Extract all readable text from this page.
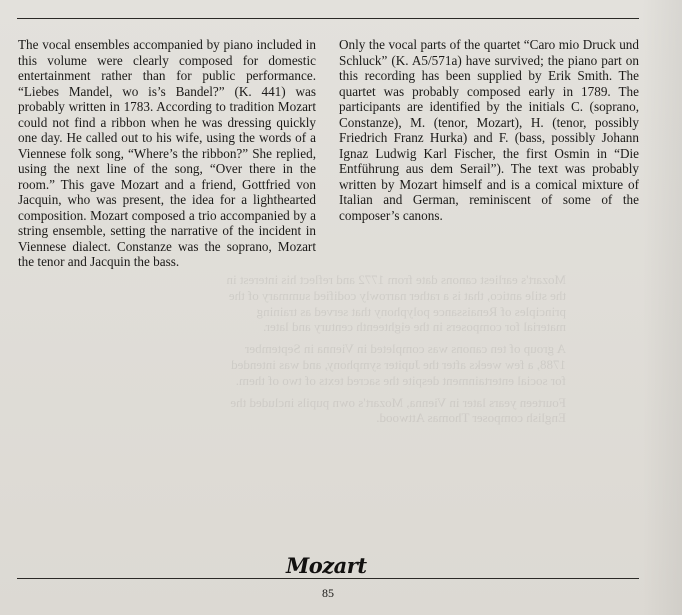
Mozart's earliest canons date from 1772 and reflect his interest in the stile antico, that is a rather narrowly codified summary of the principles of Renaissance polyphony that served as training material for composers in the eighteenth century and later.

A group of ten canons was completed in Vienna in September 1788, a few weeks after the Jupiter symphony, and was intended for social entertainment despite the sacred texts of two of them.

Fourteen years later in Vienna, Mozart's own pupils included the English composer Thomas Attwood.

The vocal ensembles accompanied by piano included in this volume were clearly composed for domestic entertainment rather than for public performance. “Liebes Mandel, wo is’s Bandel?” (K. 441) was probably written in 1783. According to tradition Mozart could not find a ribbon when he was dressing quickly one day. He called out to his wife, using the words of a Viennese folk song, “Where’s the ribbon?” She replied, using the next line of the song, “Over there in the room.” This gave Mozart and a friend, Gottfried von Jacquin, who was present, the idea for a lighthearted composition. Mozart composed a trio accompanied by a string ensemble, setting the narrative of the incident in Viennese dialect. Constanze was the soprano, Mozart the tenor and Jacquin the bass.

Only the vocal parts of the quartet “Caro mio Druck und Schluck” (K. A5/571a) have survived; the piano part on this recording has been supplied by Erik Smith. The quartet was probably composed early in 1789. The participants are identified by the initials C. (soprano, Constanze), M. (tenor, Mozart), H. (tenor, possibly Friedrich Franz Hurka) and F. (bass, possibly Johann Ignaz Ludwig Karl Fischer, the first Osmin in “Die Entführung aus dem Serail”). The text was probably written by Mozart himself and is a comical mixture of Italian and German, reminiscent of some of the composer’s canons.

Mozart
85
